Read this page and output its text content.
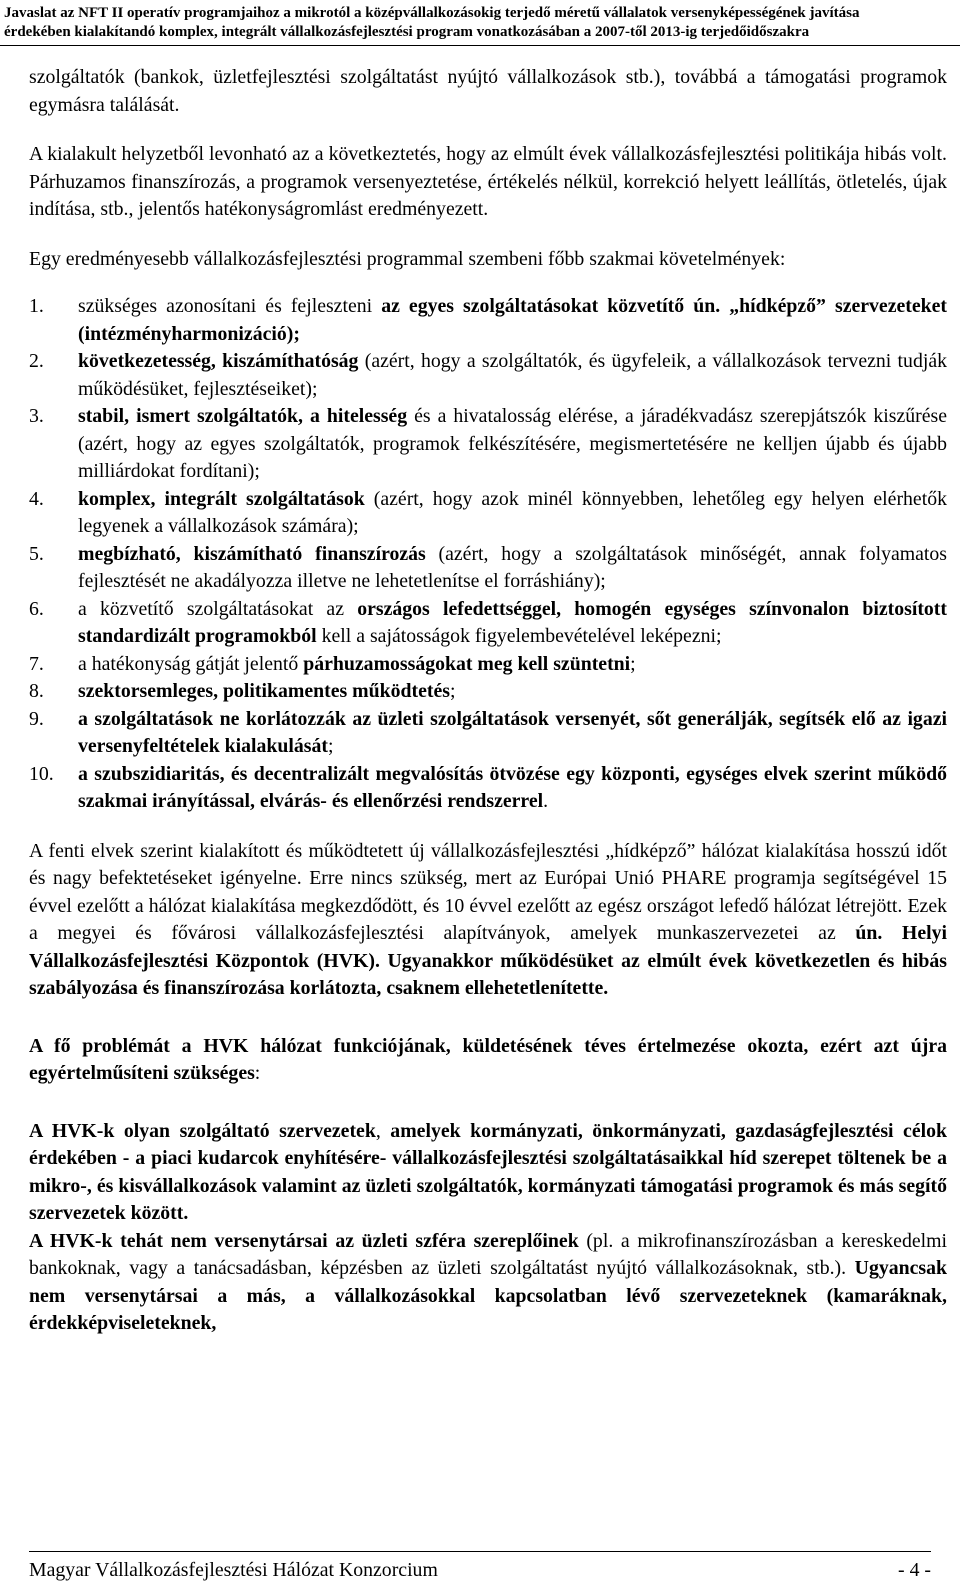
Javaslat az NFT II operatív programjaihoz a mikrotól a középvállalkozásokig terjedő méretű vállalatok versenyképességének javítása
érdekében kialakítandó komplex, integrált vállalkozásfejlesztési program vonatkozásában a 2007-től 2013-ig terjedőidőszakra

szolgáltatók (bankok, üzletfejlesztési szolgáltatást nyújtó vállalkozások stb.), továbbá a támogatási programok egymásra találását.

A kialakult helyzetből levonható az a következtetés, hogy az elmúlt évek vállalkozásfejlesztési politikája hibás volt. Párhuzamos finanszírozás, a programok versenyeztetése, értékelés nélkül, korrekció helyett leállítás, ötletelés, újak indítása, stb., jelentős hatékonyságromlást eredményezett.

Egy eredményesebb vállalkozásfejlesztési programmal szembeni főbb szakmai követelmények:

1.	szükséges azonosítani és fejleszteni az egyes szolgáltatásokat közvetítő ún. „hídképző” szervezeteket (intézményharmonizáció);
2.	következetesség, kiszámíthatóság (azért, hogy a szolgáltatók, és ügyfeleik, a vállalkozások tervezni tudják működésüket, fejlesztéseiket);
3.	stabil, ismert szolgáltatók, a hitelesség és a hivatalosság elérése, a járadékvadász szerepjátszók kiszűrése (azért, hogy az egyes szolgáltatók, programok felkészítésére, megismertetésére ne kelljen újabb és újabb milliárdokat fordítani);
4.	komplex, integrált szolgáltatások (azért, hogy azok minél könnyebben, lehetőleg egy helyen elérhetők legyenek a vállalkozások számára);
5.	megbízható, kiszámítható finanszírozás (azért, hogy a szolgáltatások minőségét, annak folyamatos fejlesztését ne akadályozza illetve ne lehetetlenítse el forráshiány);
6.	a közvetítő szolgáltatásokat az országos lefedettséggel, homogén egységes színvonalon biztosított standardizált programokból kell a sajátosságok figyelembevételével leképezni;
7.	a hatékonyság gátját jelentő párhuzamosságokat meg kell szüntetni;
8.	szektorsemleges, politikamentes működtetés;
9.	a szolgáltatások ne korlátozzák az üzleti szolgáltatások versenyét, sőt generálják, segítsék elő az igazi versenyfeltételek kialakulását;
10.	a szubszidiaritás, és decentralizált megvalósítás ötvözése egy központi, egységes elvek szerint működő szakmai irányítással, elvárás- és ellenőrzési rendszerrel.

A fenti elvek szerint kialakított és működtetett új vállalkozásfejlesztési „hídképző” hálózat kialakítása hosszú időt és nagy befektetéseket igényelne. Erre nincs szükség, mert az Európai Unió PHARE programja segítségével 15 évvel ezelőtt a hálózat kialakítása megkezdődött, és 10 évvel ezelőtt az egész országot lefedő hálózat létrejött. Ezek a megyei és fővárosi vállalkozásfejlesztési alapítványok, amelyek munkaszervezetei az ún. Helyi Vállalkozásfejlesztési Központok (HVK). Ugyanakkor működésüket az elmúlt évek következetlen és hibás szabályozása és finanszírozása korlátozta, csaknem ellehetetlenítette.

A fő problémát a HVK hálózat funkciójának, küldetésének téves értelmezése okozta, ezért azt újra egyértelműsíteni szükséges:

A HVK-k olyan szolgáltató szervezetek, amelyek kormányzati, önkormányzati, gazdaságfejlesztési célok érdekében - a piaci kudarcok enyhítésére- vállalkozásfejlesztési szolgáltatásaikkal híd szerepet töltenek be a mikro-, és kisvállalkozások valamint az üzleti szolgáltatók, kormányzati támogatási programok és más segítő szervezetek között.

A HVK-k tehát nem versenytársai az üzleti szféra szereplőinek (pl. a mikrofinanszírozásban a kereskedelmi bankoknak, vagy a tanácsadásban, képzésben az üzleti szolgáltatást nyújtó vállalkozásoknak, stb.). Ugyancsak nem versenytársai a más, a vállalkozásokkal kapcsolatban lévő szervezeteknek (kamaráknak, érdekképviseleteknek,

Magyar Vállalkozásfejlesztési Hálózat Konzorcium	- 4 -
